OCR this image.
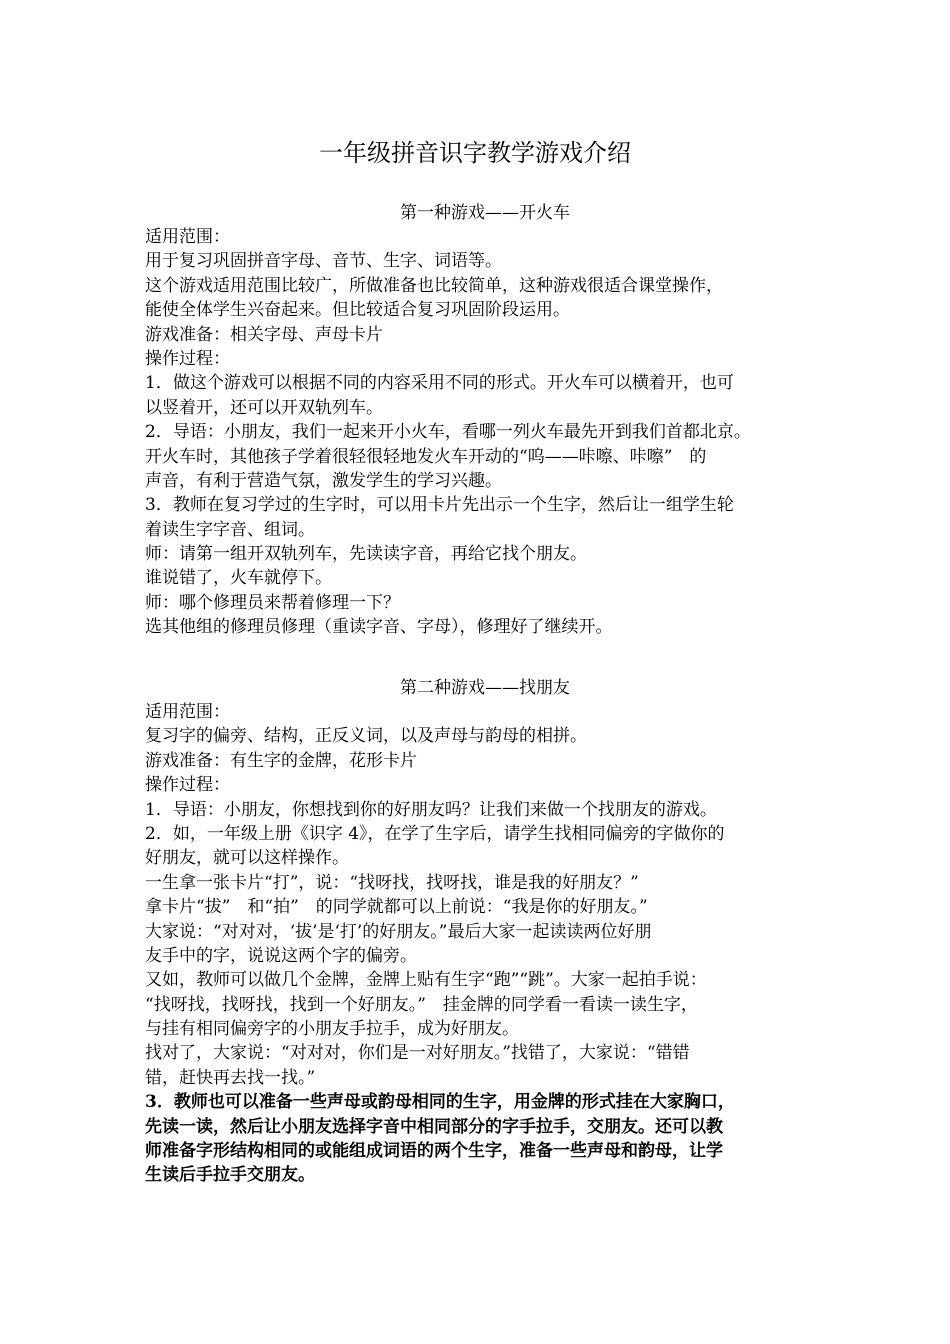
一年级拼音识字教学游戏介绍
第一种游戏——开火车

适用范围：

用于复习巩固拼音字母、音节、生字、词语等。

这个游戏适用范围比较广，所做准备也比较简单，这种游戏很适合课堂操作，

能使全体学生兴奋起来。但比较适合复习巩固阶段运用。

游戏准备：相关字母、声母卡片

操作过程：

1．做这个游戏可以根据不同的内容采用不同的形式。开火车可以横着开，也可

以竖着开，还可以开双轨列车。

2．导语：小朋友，我们一起来开小火车，看哪一列火车最先开到我们首都北京。

开火车时，其他孩子学着很轻很轻地发火车开动的“呜——咔嚓、咔嚓”　的

声音，有利于营造气氛，激发学生的学习兴趣。

3．教师在复习学过的生字时，可以用卡片先出示一个生字，然后让一组学生轮

着读生字字音、组词。

师：请第一组开双轨列车，先读读字音，再给它找个朋友。

谁说错了，火车就停下。

师：哪个修理员来帮着修理一下？

选其他组的修理员修理（重读字音、字母），修理好了继续开。

第二种游戏——找朋友

适用范围：

复习字的偏旁、结构，正反义词，以及声母与韵母的相拼。

游戏准备：有生字的金牌，花形卡片

操作过程：

1．导语：小朋友，你想找到你的好朋友吗？让我们来做一个找朋友的游戏。

2．如，一年级上册《识字 4》，在学了生字后，请学生找相同偏旁的字做你的

好朋友，就可以这样操作。

一生拿一张卡片“打”，说：“找呀找，找呀找，谁是我的好朋友？”

拿卡片“拔”　和“拍”　的同学就都可以上前说：“我是你的好朋友。”

大家说：“对对对，‘拔’是‘打’的好朋友。”最后大家一起读读两位好朋

友手中的字，说说这两个字的偏旁。

又如，教师可以做几个金牌，金牌上贴有生字“跑”“跳”。大家一起拍手说：

“找呀找，找呀找，找到一个好朋友。”　挂金牌的同学看一看读一读生字，

与挂有相同偏旁字的小朋友手拉手，成为好朋友。

找对了，大家说：“对对对，你们是一对好朋友。”找错了，大家说：“错错

错，赶快再去找一找。”

3．教师也可以准备一些声母或韵母相同的生字，用金牌的形式挂在大家胸口，

先读一读，然后让小朋友选择字音中相同部分的字手拉手，交朋友。还可以教

师准备字形结构相同的或能组成词语的两个生字，准备一些声母和韵母，让学

生读后手拉手交朋友。
